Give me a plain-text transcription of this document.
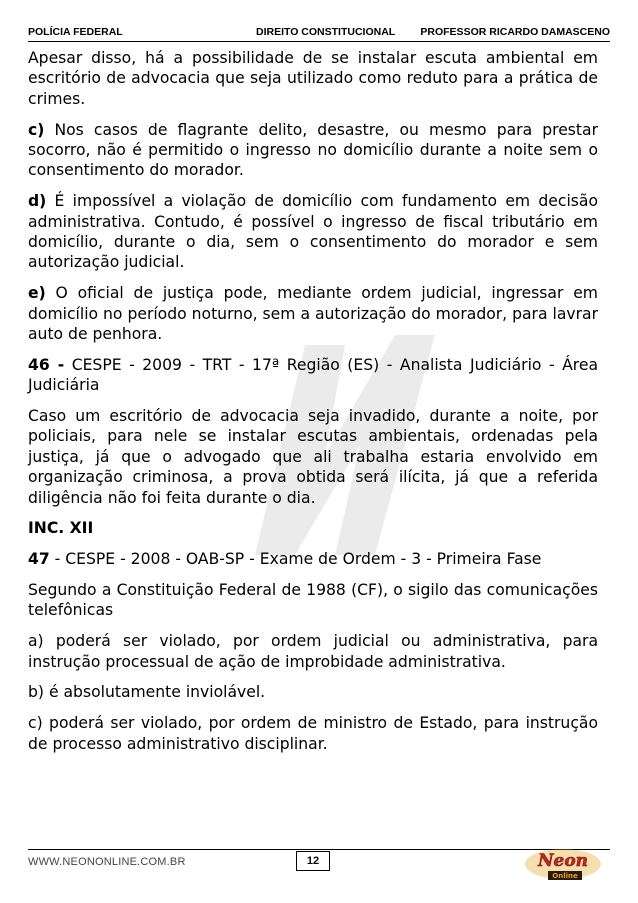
POLÍCIA FEDERAL	DIREITO CONSTITUCIONAL PROFESSOR RICARDO DAMASCENO

Apesar disso, há a possibilidade de se instalar escuta ambiental em escritório de advocacia que seja utilizado como reduto para a prática de crimes.

c) Nos casos de flagrante delito, desastre, ou mesmo para prestar socorro, não é permitido o ingresso no domicílio durante a noite sem o consentimento do morador.

d) É impossível a violação de domicílio com fundamento em decisão administrativa. Contudo, é possível o ingresso de fiscal tributário em domicílio, durante o dia, sem o consentimento do morador e sem autorização judicial.

e) O oficial de justiça pode, mediante ordem judicial, ingressar em domicílio no período noturno, sem a autorização do morador, para lavrar auto de penhora.

46 - CESPE - 2009 - TRT - 17ª Região (ES) - Analista Judiciário - Área Judiciária

Caso um escritório de advocacia seja invadido, durante a noite, por policiais, para nele se instalar escutas ambientais, ordenadas pela justiça, já que o advogado que ali trabalha estaria envolvido em organização criminosa, a prova obtida será ilícita, já que a referida diligência não foi feita durante o dia.

INC. XII

47 - CESPE - 2008 - OAB-SP - Exame de Ordem - 3 - Primeira Fase

Segundo a Constituição Federal de 1988 (CF), o sigilo das comunicações telefônicas

a) poderá ser violado, por ordem judicial ou administrativa, para instrução processual de ação de improbidade administrativa.

b) é absolutamente inviolável.

c) poderá ser violado, por ordem de ministro de Estado, para instrução de processo administrativo disciplinar.

WWW.NEONONLINE.COM.BR	12	Neon
Online
